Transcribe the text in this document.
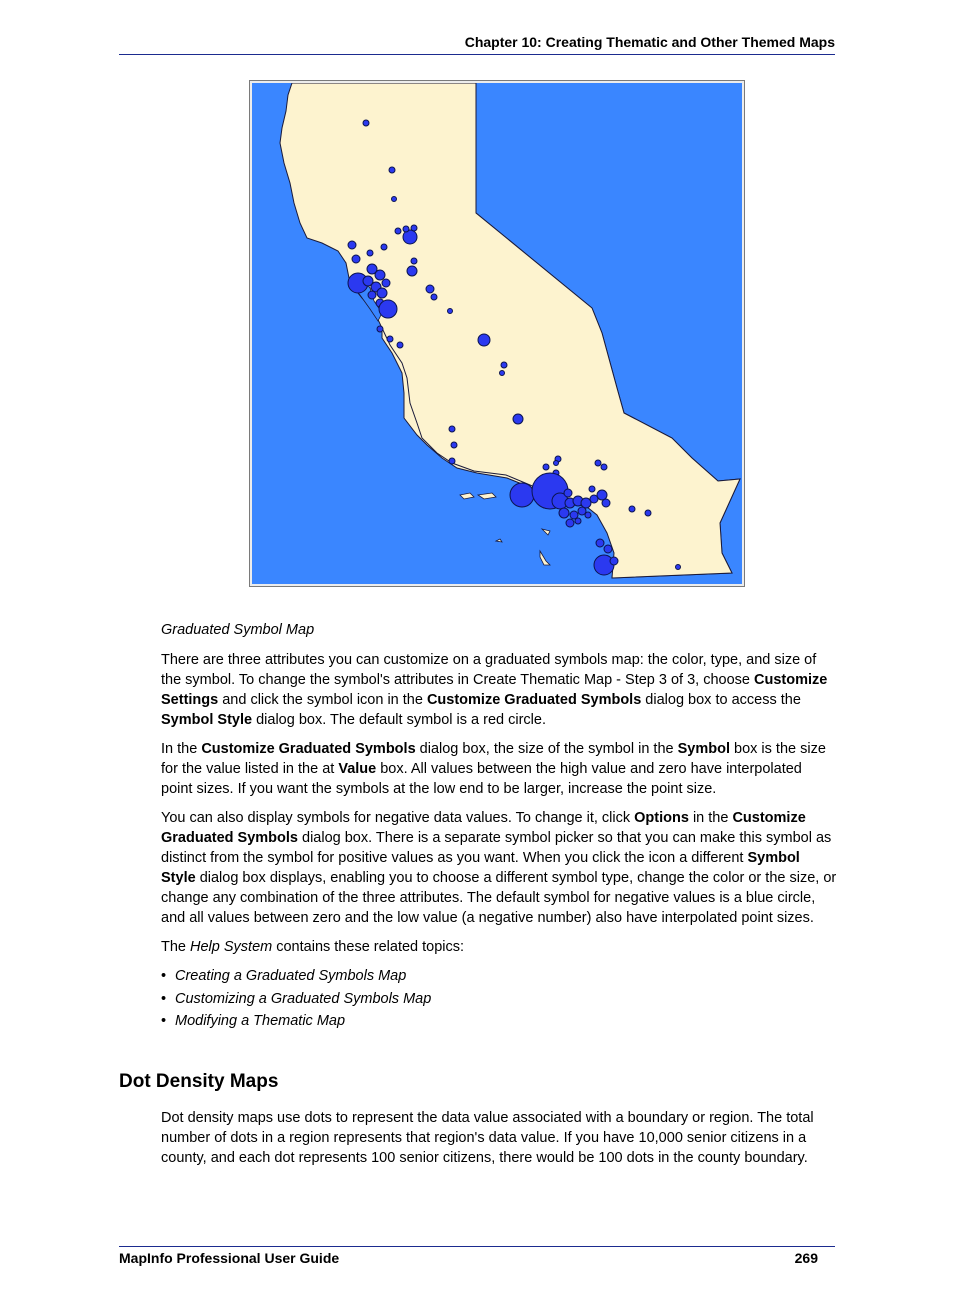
Chapter 10: Creating Thematic and Other Themed Maps
Graduated Symbol Map

There are three attributes you can customize on a graduated symbols map: the color, type, and size of the symbol. To change the symbol's attributes in Create Thematic Map - Step 3 of 3, choose Customize Settings and click the symbol icon in the Customize Graduated Symbols dialog box to access the Symbol Style dialog box. The default symbol is a red circle.

In the Customize Graduated Symbols dialog box, the size of the symbol in the Symbol box is the size for the value listed in the at Value box. All values between the high value and zero have interpolated point sizes. If you want the symbols at the low end to be larger, increase the point size.

You can also display symbols for negative data values. To change it, click Options in the Customize Graduated Symbols dialog box. There is a separate symbol picker so that you can make this symbol as distinct from the symbol for positive values as you want. When you click the icon a different Symbol Style dialog box displays, enabling you to choose a different symbol type, change the color or the size, or change any combination of the three attributes. The default symbol for negative values is a blue circle, and all values between zero and the low value (a negative number) also have interpolated point sizes.

The Help System contains these related topics:

• Creating a Graduated Symbols Map
• Customizing a Graduated Symbols Map
• Modifying a Thematic Map
Dot Density Maps

Dot density maps use dots to represent the data value associated with a boundary or region. The total number of dots in a region represents that region's data value. If you have 10,000 senior citizens in a county, and each dot represents 100 senior citizens, there would be 100 dots in the county boundary.

MapInfo Professional User Guide	269
